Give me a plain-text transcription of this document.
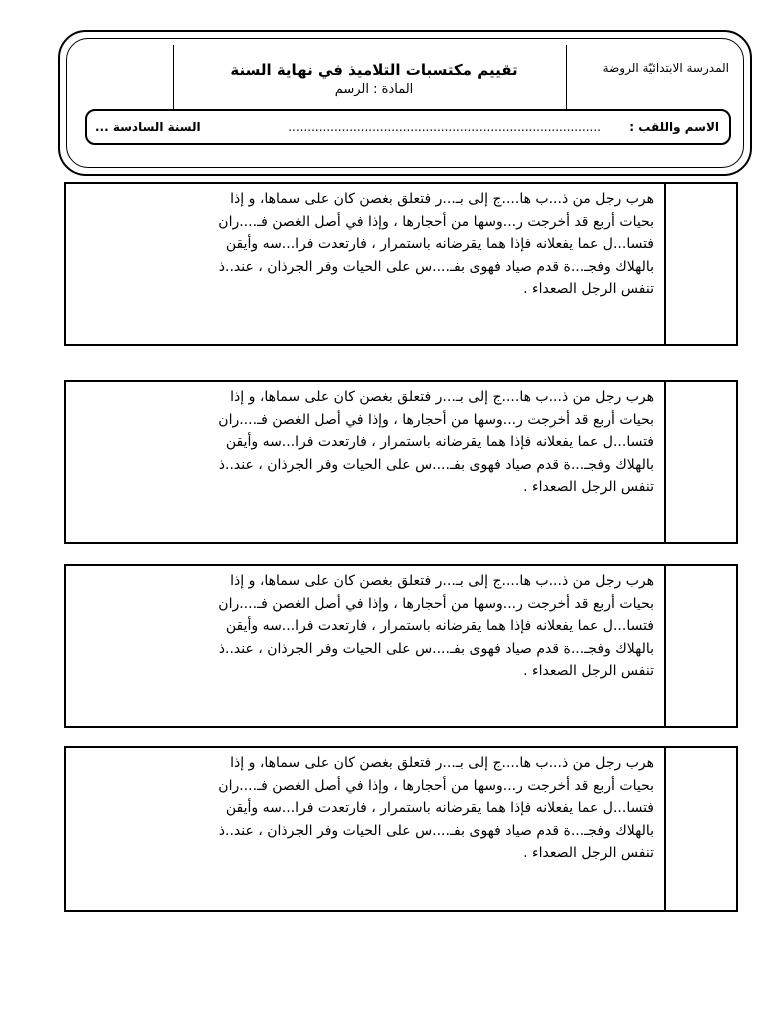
المدرسة الابتدائيّة الروضة
تقييم مكتسبات التلاميذ في نهاية السنة
المادة : الرسم
الاسم واللقب :
..................................................................................
السنة السادسة ...
هرب رجل من ذ...ب ها....ج إلى بـ...ر فتعلق بغصن كان على سماها، و إذا
بحيات أربع قد أخرجت ر...وسها من أحجارها ، وإذا في أصل الغصن فـ....ران
فتسا...ل عما يفعلانه فإذا هما يقرضانه باستمرار ، فارتعدت فرا...سه وأيقن
بالهلاك وفجـ...ة قدم صياد فهوى بفـ....س على الحيات وفر الجرذان ، عند..ذ
تنفس الرجل الصعداء .
هرب رجل من ذ...ب ها....ج إلى بـ...ر فتعلق بغصن كان على سماها، و إذا
بحيات أربع قد أخرجت ر...وسها من أحجارها ، وإذا في أصل الغصن فـ....ران
فتسا...ل عما يفعلانه فإذا هما يقرضانه باستمرار ، فارتعدت فرا...سه وأيقن
بالهلاك وفجـ...ة قدم صياد فهوى بفـ....س على الحيات وفر الجرذان ، عند..ذ
تنفس الرجل الصعداء .
هرب رجل من ذ...ب ها....ج إلى بـ...ر فتعلق بغصن كان على سماها، و إذا
بحيات أربع قد أخرجت ر...وسها من أحجارها ، وإذا في أصل الغصن فـ....ران
فتسا...ل عما يفعلانه فإذا هما يقرضانه باستمرار ، فارتعدت فرا...سه وأيقن
بالهلاك وفجـ...ة قدم صياد فهوى بفـ....س على الحيات وفر الجرذان ، عند..ذ
تنفس الرجل الصعداء .
هرب رجل من ذ...ب ها....ج إلى بـ...ر فتعلق بغصن كان على سماها، و إذا
بحيات أربع قد أخرجت ر...وسها من أحجارها ، وإذا في أصل الغصن فـ....ران
فتسا...ل عما يفعلانه فإذا هما يقرضانه باستمرار ، فارتعدت فرا...سه وأيقن
بالهلاك وفجـ...ة قدم صياد فهوى بفـ....س على الحيات وفر الجرذان ، عند..ذ
تنفس الرجل الصعداء .
